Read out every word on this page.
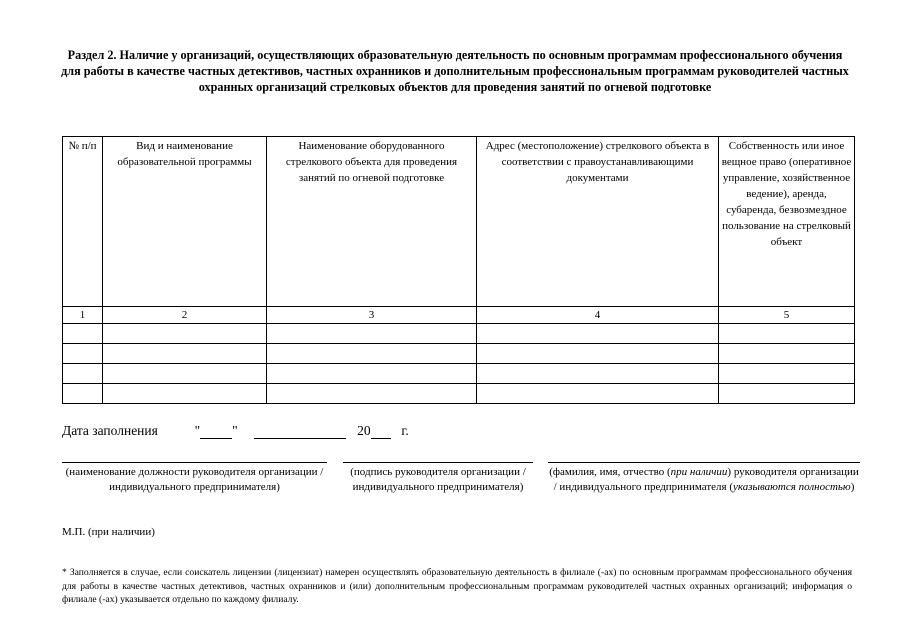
Раздел 2. Наличие у организаций, осуществляющих образовательную деятельность по основным программам профессионального обучения для работы в качестве частных детективов, частных охранников и дополнительным профессиональным программам руководителей частных охранных организаций стрелковых объектов для проведения занятий по огневой подготовке
№ п/п	Вид и наименование образовательной программы	Наименование оборудованного стрелкового объекта для проведения занятий по огневой подготовке	Адрес (местоположение) стрелкового объекта в соответствии с правоустанавливающими документами	Собственность или иное вещное право (оперативное управление, хозяйственное ведение), аренда, субаренда, безвозмездное пользование на стрелковый объект
1	2	3	4	5

Дата заполнения	" "	20 г.
(наименование должности руководителя организации / индивидуального предпринимателя)
(подпись руководителя организации / индивидуального предпринимателя)
(фамилия, имя, отчество (при наличии) руководителя организации / индивидуального предпринимателя (указываются полностью)
М.П. (при наличии)
* Заполняется в случае, если соискатель лицензии (лицензиат) намерен осуществлять образовательную деятельность в филиале (-ах) по основным программам профессионального обучения для работы в качестве частных детективов, частных охранников и (или) дополнительным профессиональным программам руководителей частных охранных организаций; информация о филиале (-ах) указывается отдельно по каждому филиалу.
